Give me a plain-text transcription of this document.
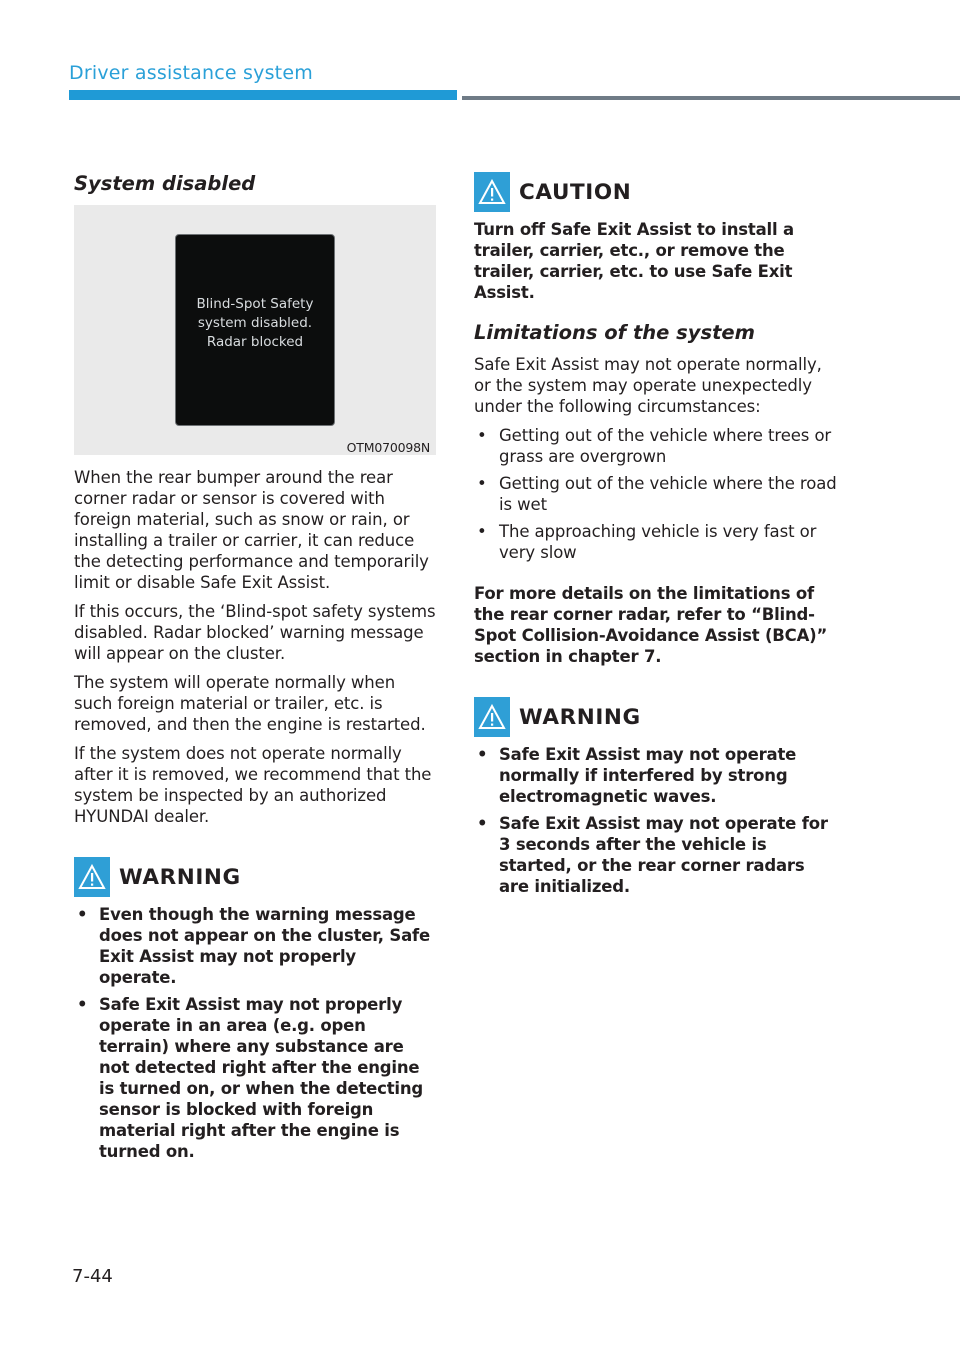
Driver assistance system
System disabled
Blind-Spot Safety
system disabled.
Radar blocked
OTM070098N

When the rear bumper around the rear corner radar or sensor is covered with foreign material, such as snow or rain, or installing a trailer or carrier, it can reduce the detecting performance and temporarily limit or disable Safe Exit Assist.

If this occurs, the ‘Blind-spot safety systems disabled. Radar blocked’ warning message will appear on the cluster.

The system will operate normally when such foreign material or trailer, etc. is removed, and then the engine is restarted.

If the system does not operate normally after it is removed, we recommend that the system be inspected by an authorized HYUNDAI dealer.

WARNING
• Even though the warning message does not appear on the cluster, Safe Exit Assist may not properly operate.
• Safe Exit Assist may not properly operate in an area (e.g. open terrain) where any substance are not detected right after the engine is turned on, or when the detecting sensor is blocked with foreign material right after the engine is turned on.
CAUTION

Turn off Safe Exit Assist to install a trailer, carrier, etc., or remove the trailer, carrier, etc. to use Safe Exit Assist.

Limitations of the system

Safe Exit Assist may not operate normally, or the system may operate unexpectedly under the following circumstances:

• Getting out of the vehicle where trees or grass are overgrown
• Getting out of the vehicle where the road is wet
• The approaching vehicle is very fast or very slow

For more details on the limitations of the rear corner radar, refer to “Blind-Spot Collision-Avoidance Assist (BCA)” section in chapter 7.

WARNING
• Safe Exit Assist may not operate normally if interfered by strong electromagnetic waves.
• Safe Exit Assist may not operate for 3 seconds after the vehicle is started, or the rear corner radars are initialized.
7-44
